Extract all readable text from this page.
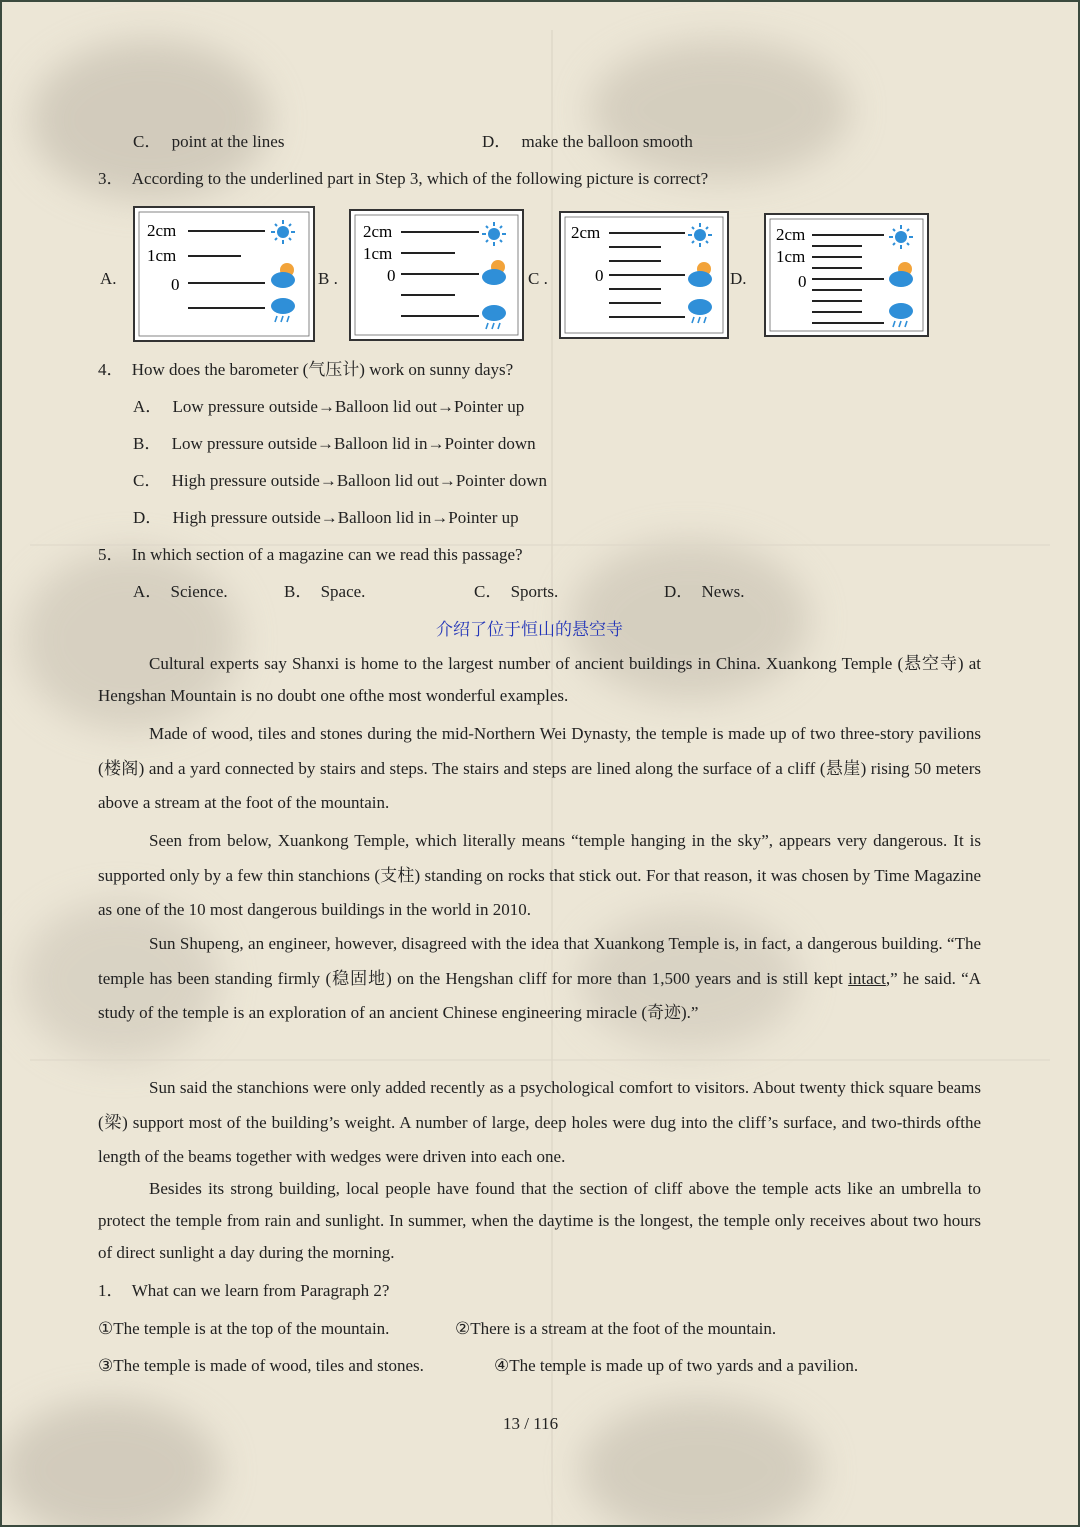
C． point at the lines	D． make the balloon smooth
3． According to the underlined part in Step 3, which of the following picture is correct?
A.	B .	C .	D.
2cm
1cm
0
2cm
1cm
0
2cm
0
2cm
1cm
0
4． How does the barometer (气压计) work on sunny days?
A． Low pressure outside→Balloon lid out→Pointer up
B． Low pressure outside→Balloon lid in→Pointer down
C． High pressure outside→Balloon lid out→Pointer down
D． High pressure outside→Balloon lid in→Pointer up
5． In which section of a magazine can we read this passage?
A． Science.	B． Space.	C． Sports.	D． News.
介绍了位于恒山的悬空寺
Cultural experts say Shanxi is home to the largest number of ancient buildings in China. Xuankong Temple (悬空寺) at Hengshan Mountain is no doubt one ofthe most wonderful examples.
Made of wood, tiles and stones during the mid-Northern Wei Dynasty, the temple is made up of two three-story pavilions (楼阁) and a yard connected by stairs and steps. The stairs and steps are lined along the surface of a cliff (悬崖) rising 50 meters above a stream at the foot of the mountain.
Seen from below, Xuankong Temple, which literally means “temple hanging in the sky”, appears very dangerous. It is supported only by a few thin stanchions (支柱) standing on rocks that stick out. For that reason, it was chosen by Time Magazine as one of the 10 most dangerous buildings in the world in 2010.
Sun Shupeng, an engineer, however, disagreed with the idea that Xuankong Temple is, in fact, a dangerous building. “The temple has been standing firmly (稳固地) on the Hengshan cliff for more than 1,500 years and is still kept intact,” he said. “A study of the temple is an exploration of an ancient Chinese engineering miracle (奇迹).”
Sun said the stanchions were only added recently as a psychological comfort to visitors. About twenty thick square beams (梁) support most of the building’s weight. A number of large, deep holes were dug into the cliff’s surface, and two-thirds ofthe length of the beams together with wedges were driven into each one.
Besides its strong building, local people have found that the section of cliff above the temple acts like an umbrella to protect the temple from rain and sunlight. In summer, when the daytime is the longest, the temple only receives about two hours of direct sunlight a day during the morning.
1． What can we learn from Paragraph 2?
①The temple is at the top of the mountain.	②There is a stream at the foot of the mountain.
③The temple is made of wood, tiles and stones.	④The temple is made up of two yards and a pavilion.
13 / 116
